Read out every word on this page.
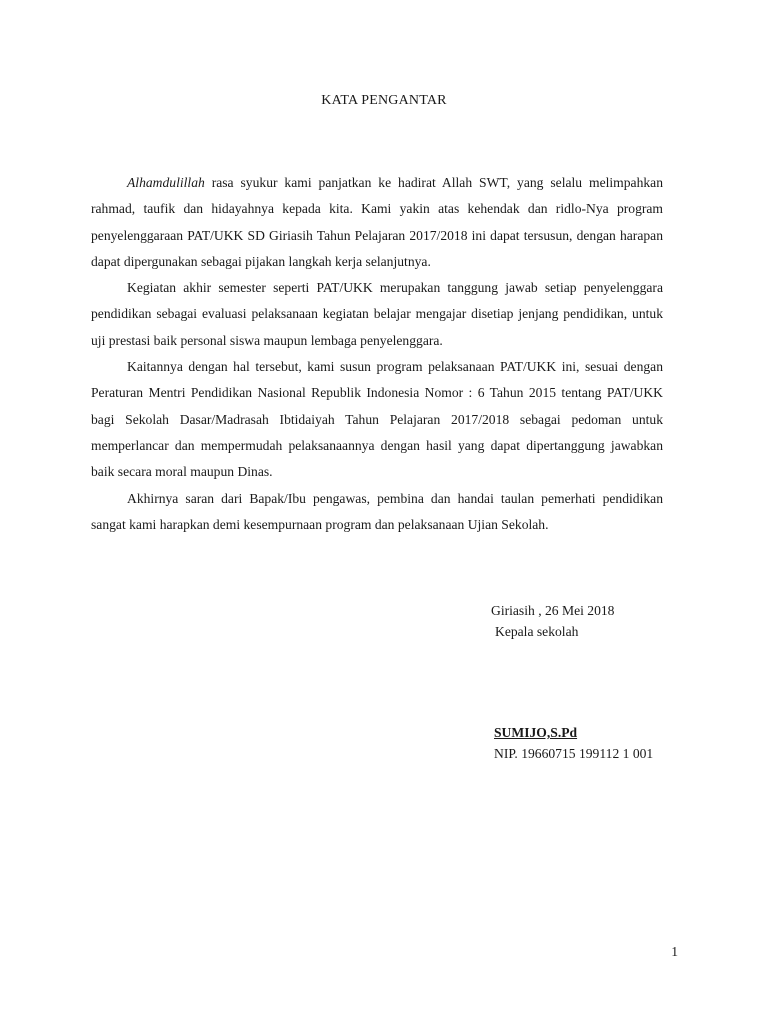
KATA PENGANTAR

Alhamdulillah rasa syukur kami panjatkan ke hadirat Allah SWT, yang selalu melimpahkan rahmad, taufik dan hidayahnya kepada kita. Kami yakin atas kehendak dan ridlo-Nya program penyelenggaraan PAT/UKK SD Giriasih Tahun Pelajaran 2017/2018 ini dapat tersusun, dengan harapan dapat dipergunakan sebagai pijakan langkah kerja selanjutnya.

Kegiatan akhir semester seperti PAT/UKK merupakan tanggung jawab setiap penyelenggara pendidikan sebagai evaluasi pelaksanaan kegiatan belajar mengajar disetiap jenjang pendidikan, untuk uji prestasi baik personal siswa maupun lembaga penyelenggara.

Kaitannya dengan hal tersebut, kami susun program pelaksanaan PAT/UKK ini, sesuai dengan Peraturan Mentri Pendidikan Nasional Republik Indonesia Nomor : 6 Tahun 2015 tentang PAT/UKK bagi Sekolah Dasar/Madrasah Ibtidaiyah Tahun Pelajaran 2017/2018 sebagai pedoman untuk memperlancar dan mempermudah pelaksanaannya dengan hasil yang dapat dipertanggung jawabkan baik secara moral maupun Dinas.

Akhirnya saran dari Bapak/Ibu pengawas, pembina dan handai taulan pemerhati pendidikan sangat kami harapkan demi kesempurnaan program dan pelaksanaan Ujian Sekolah.

Giriasih , 26 Mei 2018
Kepala sekolah
SUMIJO,S.Pd
NIP. 19660715 199112 1 001
1
